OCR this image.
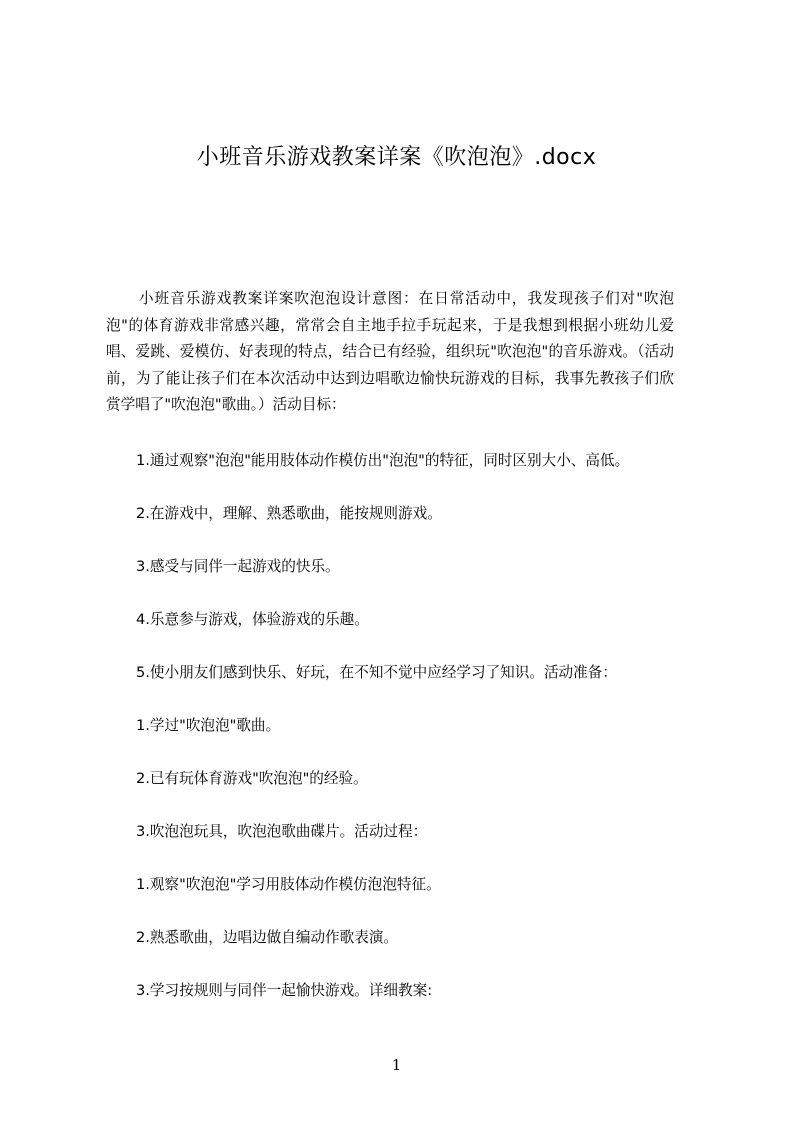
小班音乐游戏教案详案《吹泡泡》.docx

小班音乐游戏教案详案吹泡泡设计意图：在日常活动中，我发现孩子们对"吹泡泡"的体育游戏非常感兴趣，常常会自主地手拉手玩起来，于是我想到根据小班幼儿爱唱、爱跳、爱模仿、好表现的特点，结合已有经验，组织玩"吹泡泡"的音乐游戏。（活动前，为了能让孩子们在本次活动中达到边唱歌边愉快玩游戏的目标，我事先教孩子们欣赏学唱了"吹泡泡"歌曲。）活动目标：

1.通过观察"泡泡"能用肢体动作模仿出"泡泡"的特征，同时区别大小、高低。

2.在游戏中，理解、熟悉歌曲，能按规则游戏。

3.感受与同伴一起游戏的快乐。

4.乐意参与游戏，体验游戏的乐趣。

5.使小朋友们感到快乐、好玩，在不知不觉中应经学习了知识。活动准备：

1.学过"吹泡泡"歌曲。

2.已有玩体育游戏"吹泡泡"的经验。

3.吹泡泡玩具，吹泡泡歌曲碟片。活动过程：

1.观察"吹泡泡"学习用肢体动作模仿泡泡特征。

2.熟悉歌曲，边唱边做自编动作歌表演。

3.学习按规则与同伴一起愉快游戏。详细教案:

1
